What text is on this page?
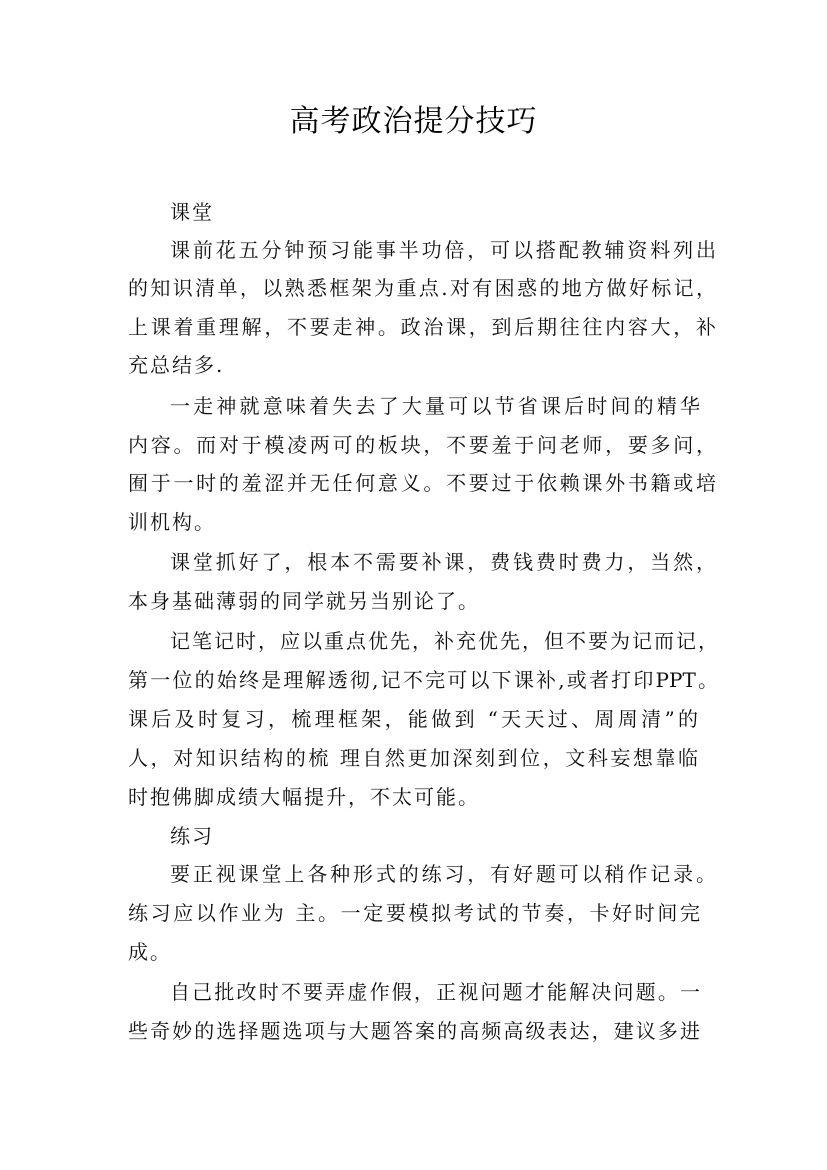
高考政治提分技巧
课堂
课前花五分钟预习能事半功倍，可以搭配教辅资料列出
的知识清单，以熟悉框架为重点.对有困惑的地方做好标记，
上课着重理解，不要走神。政治课，到后期往往内容大，补
充总结多.
一走神就意味着失去了大量可以节省课后时间的精华
内容。而对于模凌两可的板块，不要羞于问老师，要多问，
囿于一时的羞涩并无任何意义。不要过于依赖课外书籍或培
训机构。
课堂抓好了，根本不需要补课，费钱费时费力，当然，
本身基础薄弱的同学就另当别论了。
记笔记时，应以重点优先，补充优先，但不要为记而记，
第一位的始终是理解透彻,记不完可以下课补,或者打印PPT。
课后及时复习，梳理框架，能做到 “天天过、周周清”的
人，对知识结构的梳 理自然更加深刻到位，文科妄想靠临
时抱佛脚成绩大幅提升，不太可能。
练习
要正视课堂上各种形式的练习，有好题可以稍作记录。
练习应以作业为 主。一定要模拟考试的节奏，卡好时间完
成。
自己批改时不要弄虚作假，正视问题才能解决问题。一
些奇妙的选择题选项与大题答案的高频高级表达，建议多进
